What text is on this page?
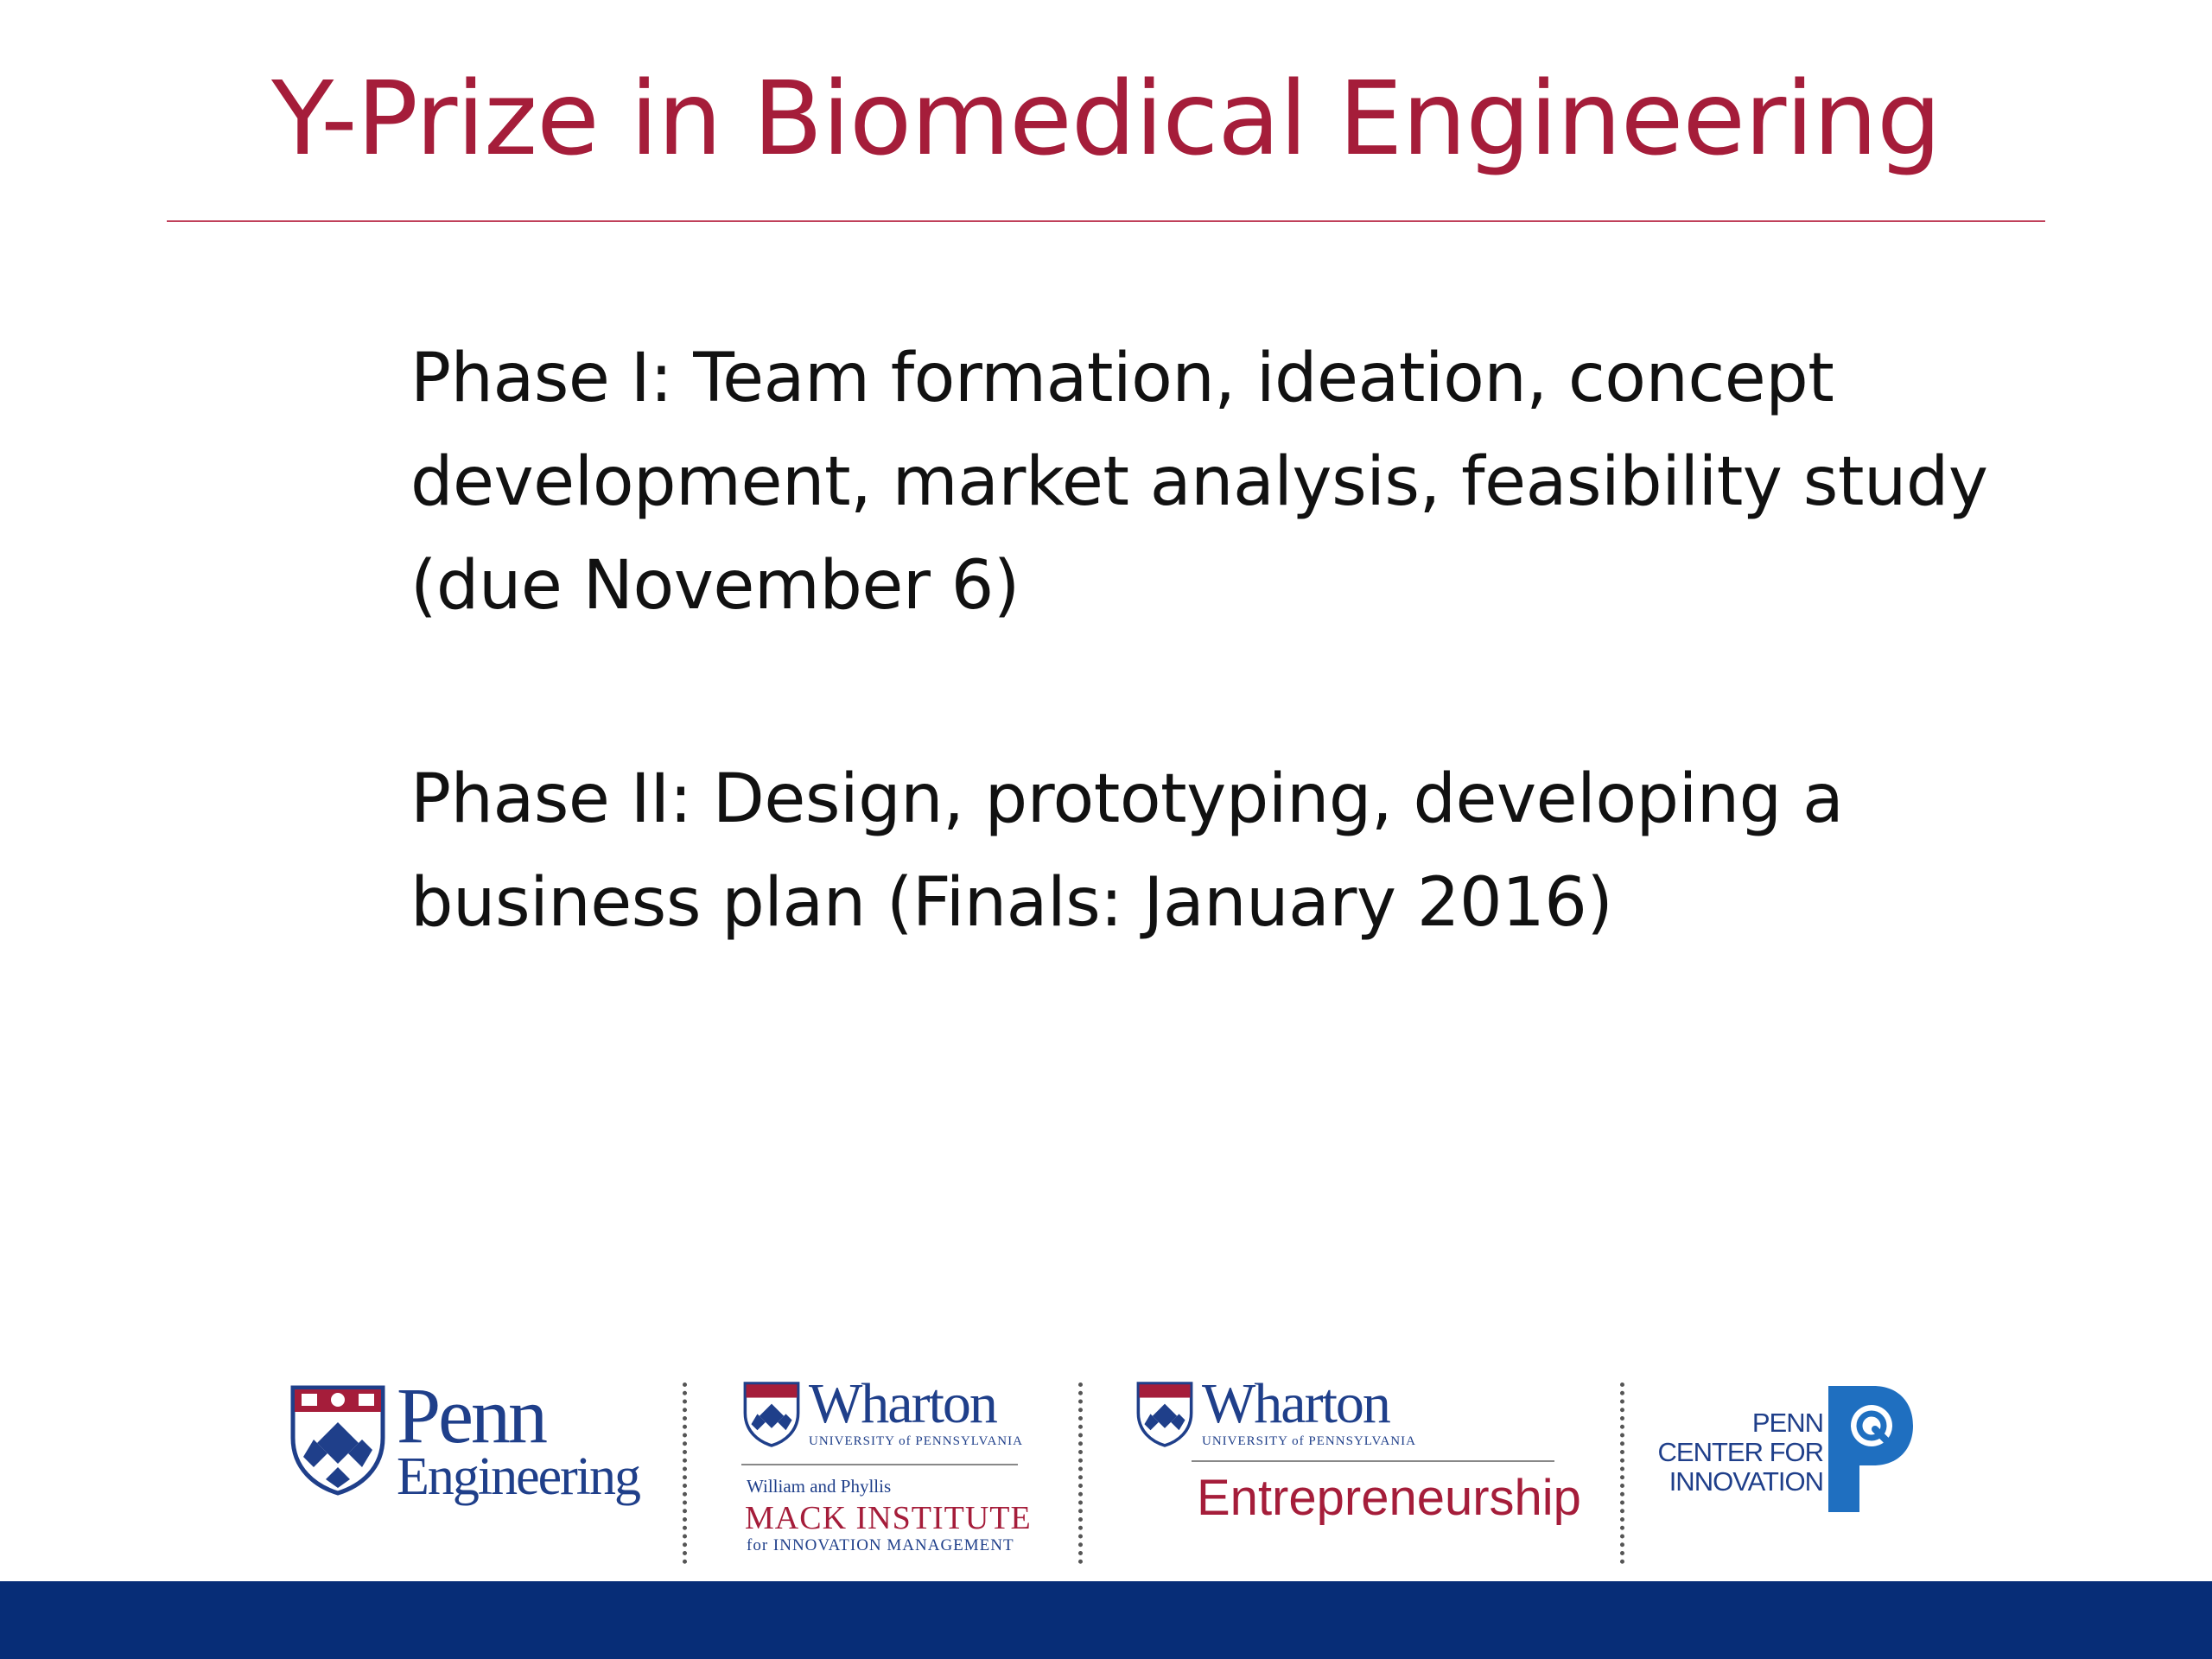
Y-Prize in Biomedical Engineering
Phase I: Team formation, ideation, concept development, market analysis, feasibility study (due November 6)
Phase II: Design, prototyping, developing a business plan (Finals: January 2016)
Penn
Engineering
Wharton
UNIVERSITY of PENNSYLVANIA
William and Phyllis
MACK INSTITUTE
for INNOVATION MANAGEMENT
Wharton
UNIVERSITY of PENNSYLVANIA
Entrepreneurship
PENN
CENTER FOR
INNOVATION
